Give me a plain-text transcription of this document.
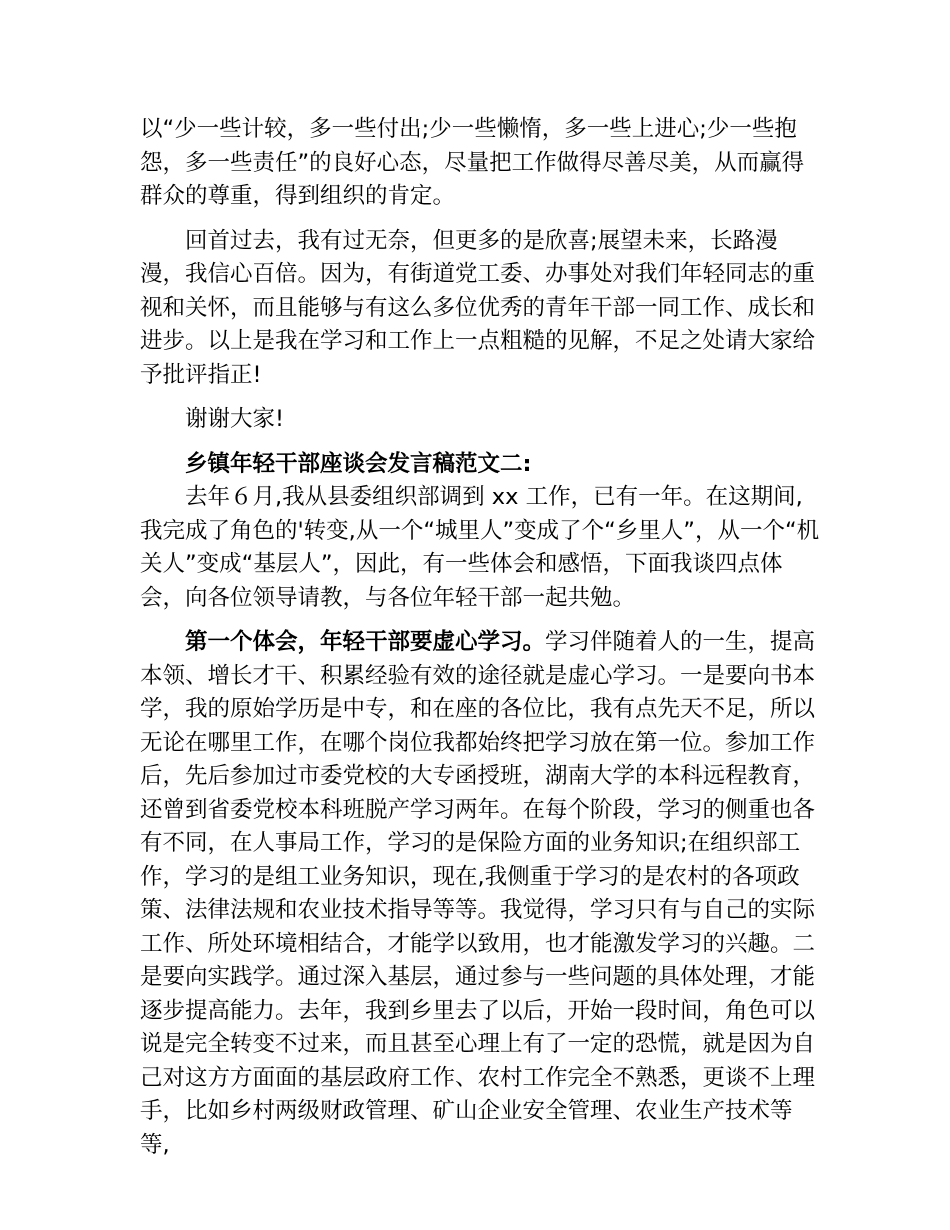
以“少一些计较，多一些付出;少一些懒惰，多一些上进心;少一些抱怨，多一些责任”的良好心态，尽量把工作做得尽善尽美，从而赢得群众的尊重，得到组织的肯定。

回首过去，我有过无奈，但更多的是欣喜;展望未来，长路漫漫，我信心百倍。因为，有街道党工委、办事处对我们年轻同志的重视和关怀，而且能够与有这么多位优秀的青年干部一同工作、成长和进步。以上是我在学习和工作上一点粗糙的见解，不足之处请大家给予批评指正!

谢谢大家!

乡镇年轻干部座谈会发言稿范文二:

去年６月,我从县委组织部调到 xx 工作，已有一年。在这期间,我完成了角色的'转变,从一个“城里人”变成了个“乡里人”，从一个“机关人”变成“基层人”，因此，有一些体会和感悟，下面我谈四点体会，向各位领导请教，与各位年轻干部一起共勉。

第一个体会，年轻干部要虚心学习。学习伴随着人的一生，提高本领、增长才干、积累经验有效的途径就是虚心学习。一是要向书本学，我的原始学历是中专，和在座的各位比，我有点先天不足，所以无论在哪里工作，在哪个岗位我都始终把学习放在第一位。参加工作后，先后参加过市委党校的大专函授班，湖南大学的本科远程教育，还曾到省委党校本科班脱产学习两年。在每个阶段，学习的侧重也各有不同，在人事局工作，学习的是保险方面的业务知识;在组织部工作，学习的是组工业务知识，现在,我侧重于学习的是农村的各项政策、法律法规和农业技术指导等等。我觉得，学习只有与自己的实际工作、所处环境相结合，才能学以致用，也才能激发学习的兴趣。二是要向实践学。通过深入基层，通过参与一些问题的具体处理，才能逐步提高能力。去年，我到乡里去了以后，开始一段时间，角色可以说是完全转变不过来，而且甚至心理上有了一定的恐慌，就是因为自己对这方方面面的基层政府工作、农村工作完全不熟悉，更谈不上理手，比如乡村两级财政管理、矿山企业安全管理、农业生产技术等等,
